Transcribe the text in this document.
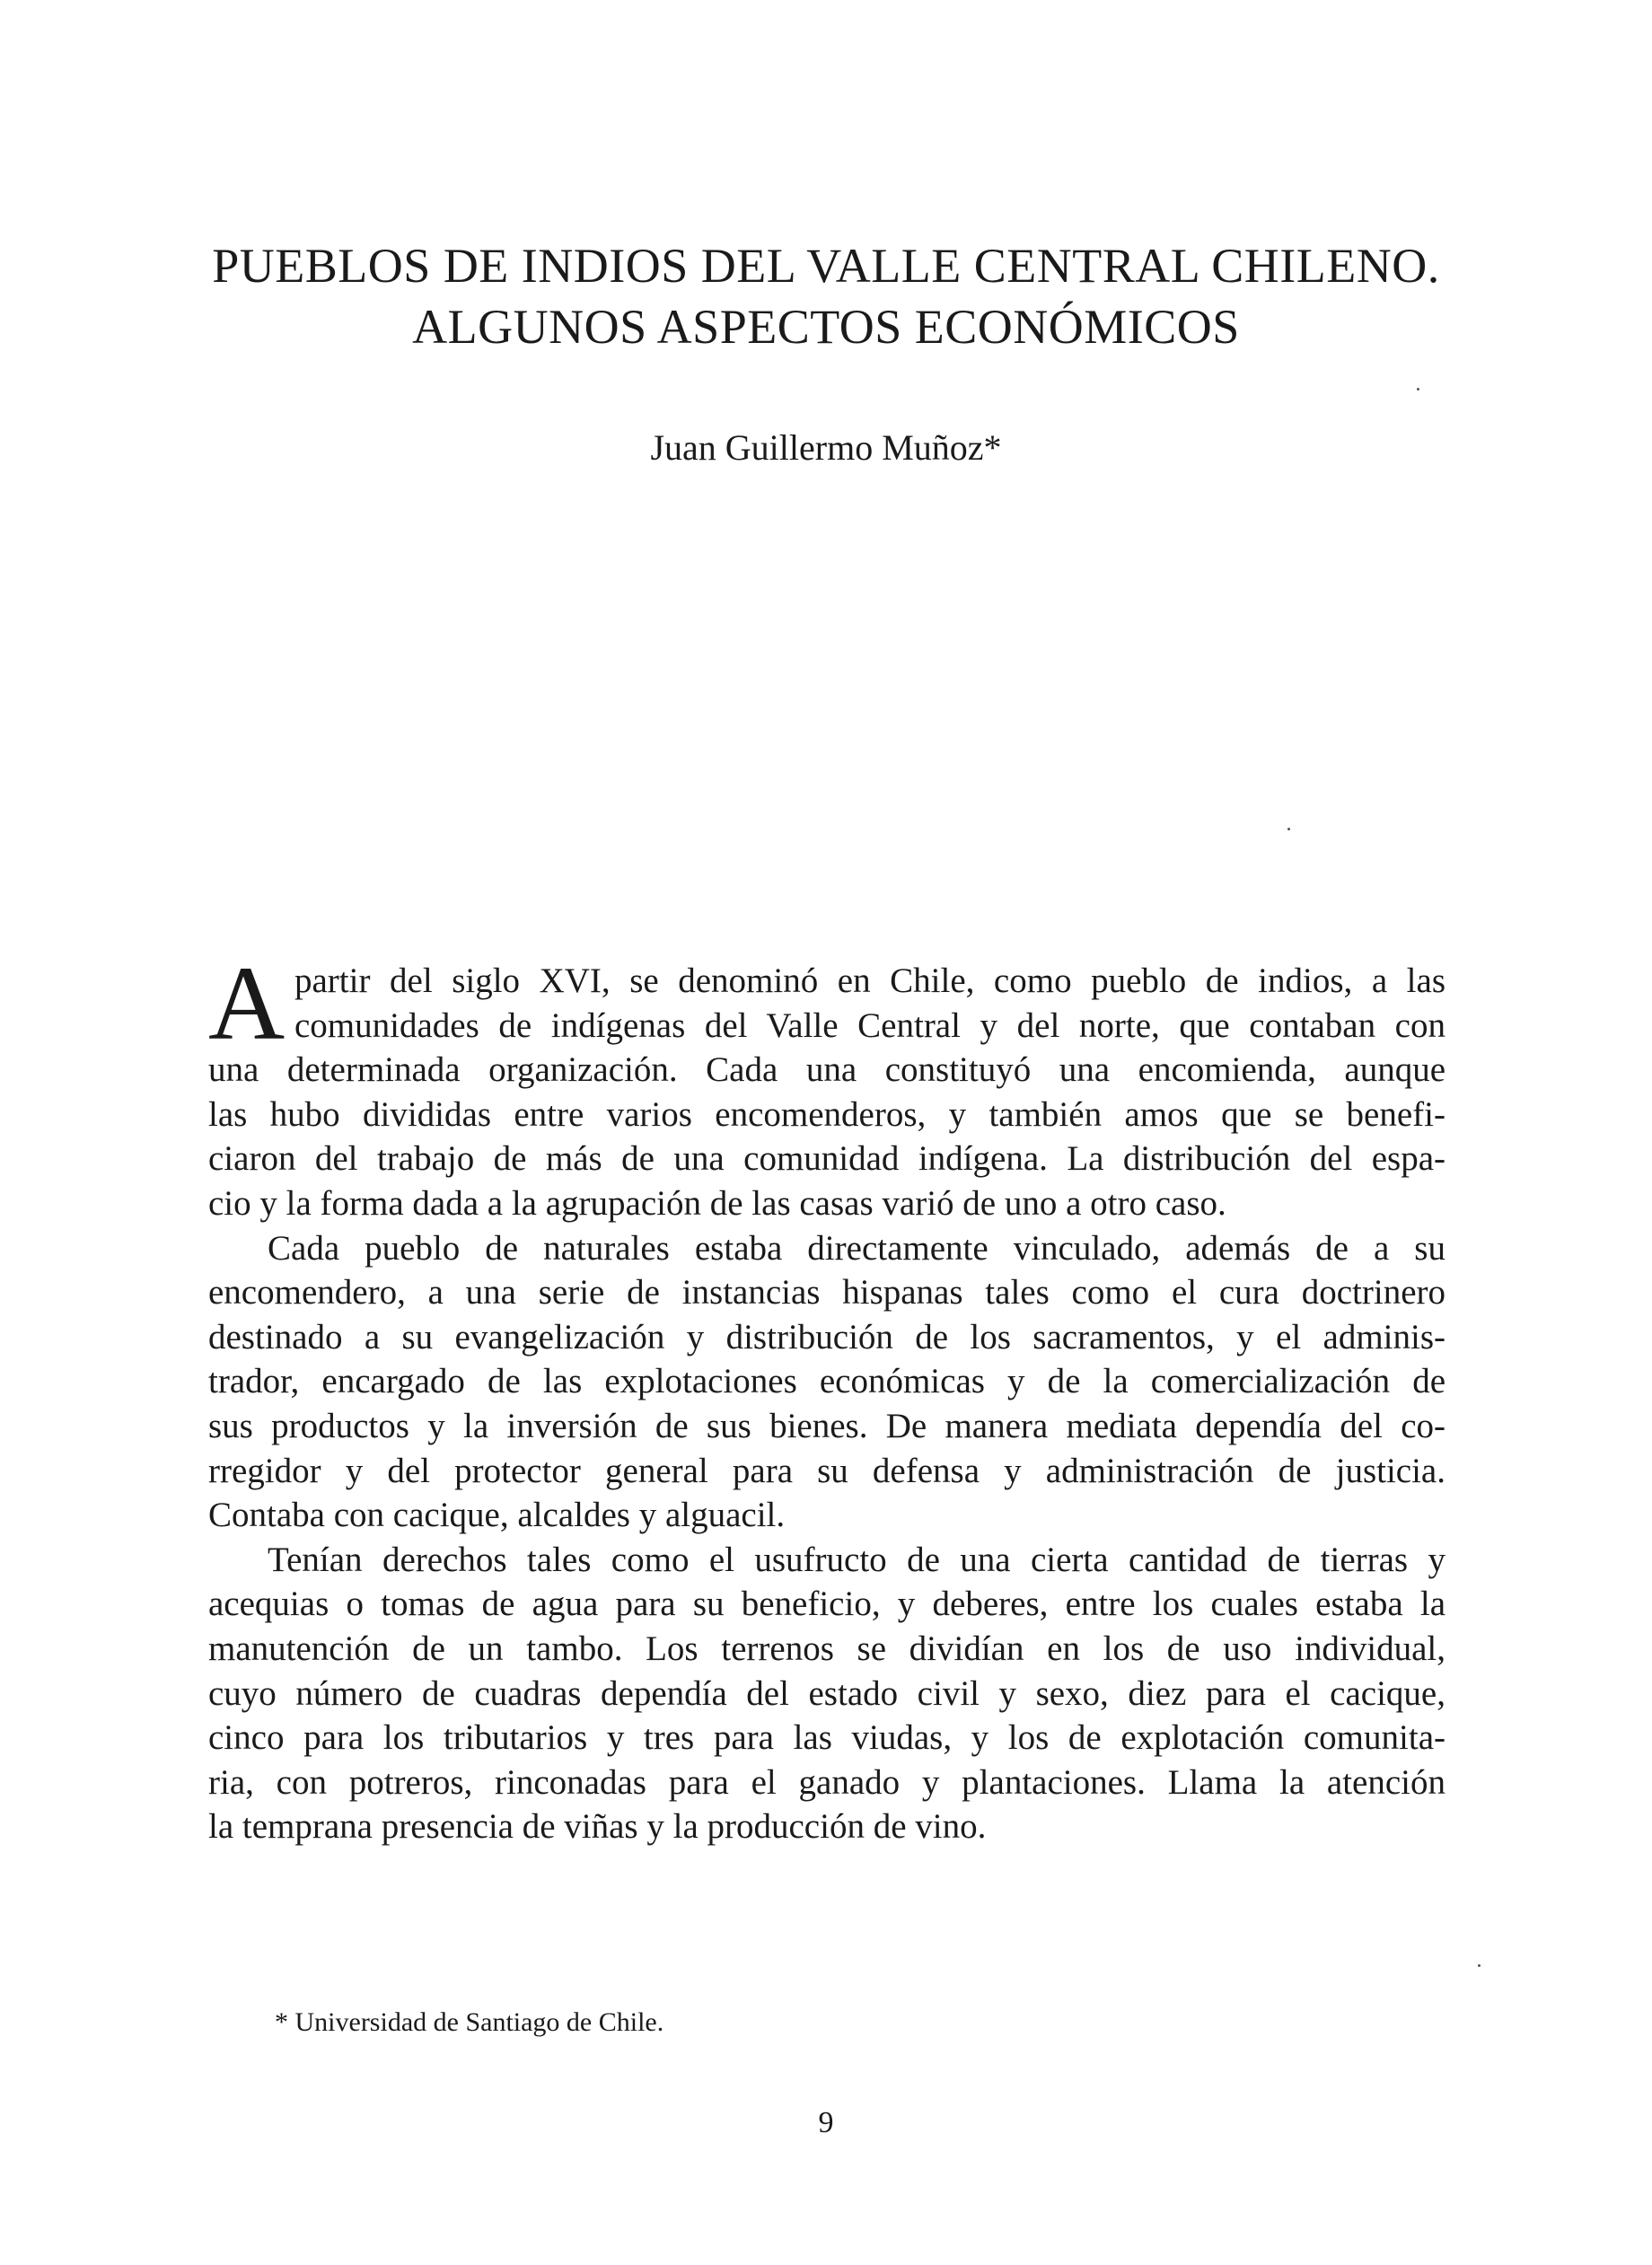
PUEBLOS DE INDIOS DEL VALLE CENTRAL CHILENO.
ALGUNOS ASPECTOS ECONÓMICOS
Juan Guillermo Muñoz*
A partir del siglo XVI, se denominó en Chile, como pueblo de indios, a las
comunidades de indígenas del Valle Central y del norte, que contaban con
una determinada organización. Cada una constituyó una encomienda, aunque
las hubo divididas entre varios encomenderos, y también amos que se benefi-
ciaron del trabajo de más de una comunidad indígena. La distribución del espa-
cio y la forma dada a la agrupación de las casas varió de uno a otro caso.
Cada pueblo de naturales estaba directamente vinculado, además de a su
encomendero, a una serie de instancias hispanas tales como el cura doctrinero
destinado a su evangelización y distribución de los sacramentos, y el adminis-
trador, encargado de las explotaciones económicas y de la comercialización de
sus productos y la inversión de sus bienes. De manera mediata dependía del co-
rregidor y del protector general para su defensa y administración de justicia.
Contaba con cacique, alcaldes y alguacil.
Tenían derechos tales como el usufructo de una cierta cantidad de tierras y
acequias o tomas de agua para su beneficio, y deberes, entre los cuales estaba la
manutención de un tambo. Los terrenos se dividían en los de uso individual,
cuyo número de cuadras dependía del estado civil y sexo, diez para el cacique,
cinco para los tributarios y tres para las viudas, y los de explotación comunita-
ria, con potreros, rinconadas para el ganado y plantaciones. Llama la atención
la temprana presencia de viñas y la producción de vino.
* Universidad de Santiago de Chile.
9
